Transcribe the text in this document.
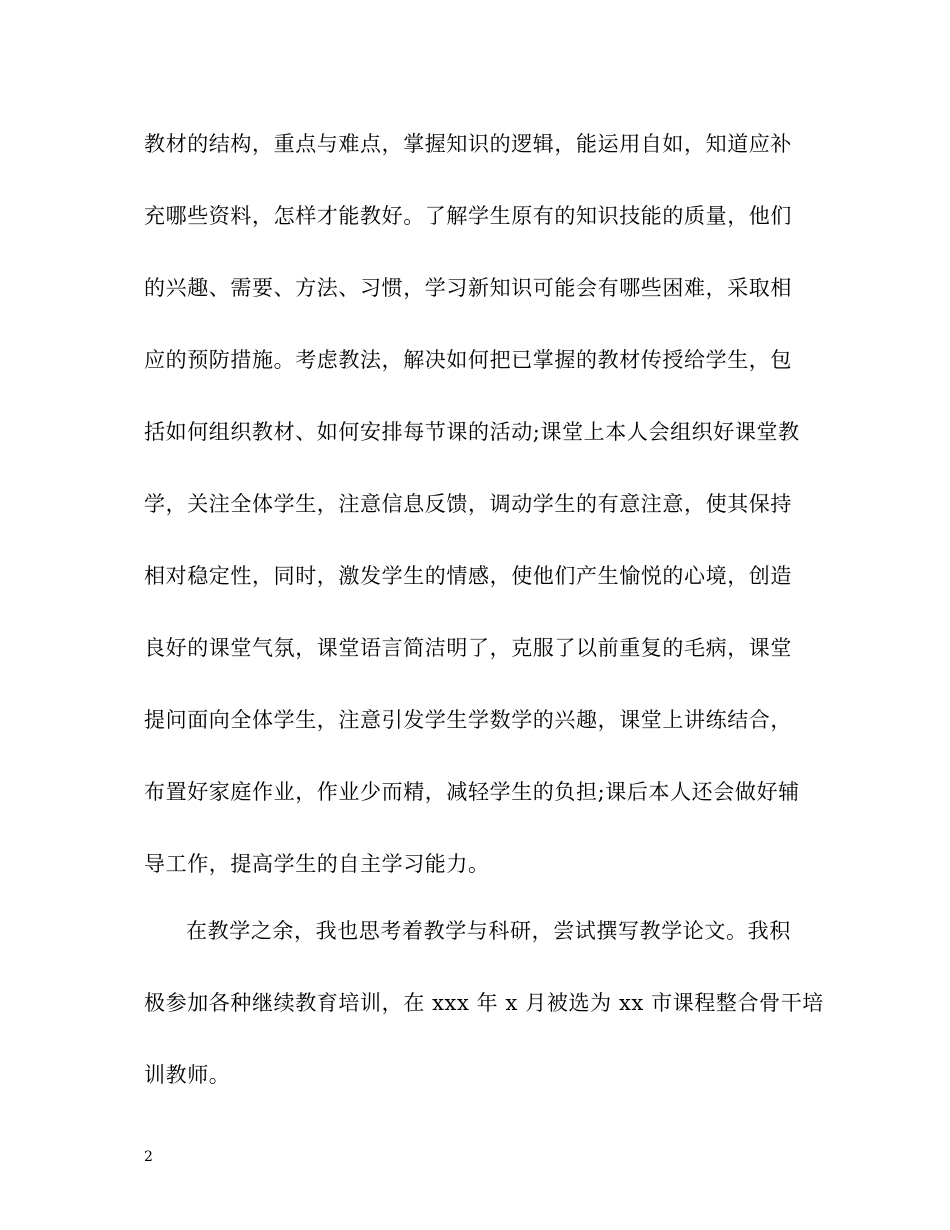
教材的结构，重点与难点，掌握知识的逻辑，能运用自如，知道应补
充哪些资料，怎样才能教好。了解学生原有的知识技能的质量，他们
的兴趣、需要、方法、习惯，学习新知识可能会有哪些困难，采取相
应的预防措施。考虑教法，解决如何把已掌握的教材传授给学生，包
括如何组织教材、如何安排每节课的活动;课堂上本人会组织好课堂教
学，关注全体学生，注意信息反馈，调动学生的有意注意，使其保持
相对稳定性，同时，激发学生的情感，使他们产生愉悦的心境，创造
良好的课堂气氛，课堂语言简洁明了，克服了以前重复的毛病，课堂
提问面向全体学生，注意引发学生学数学的兴趣，课堂上讲练结合，
布置好家庭作业，作业少而精，减轻学生的负担;课后本人还会做好辅
导工作，提高学生的自主学习能力。
在教学之余，我也思考着教学与科研，尝试撰写教学论文。我积
极参加各种继续教育培训，在 xxx 年 x 月被选为 xx 市课程整合骨干培
训教师。
2
